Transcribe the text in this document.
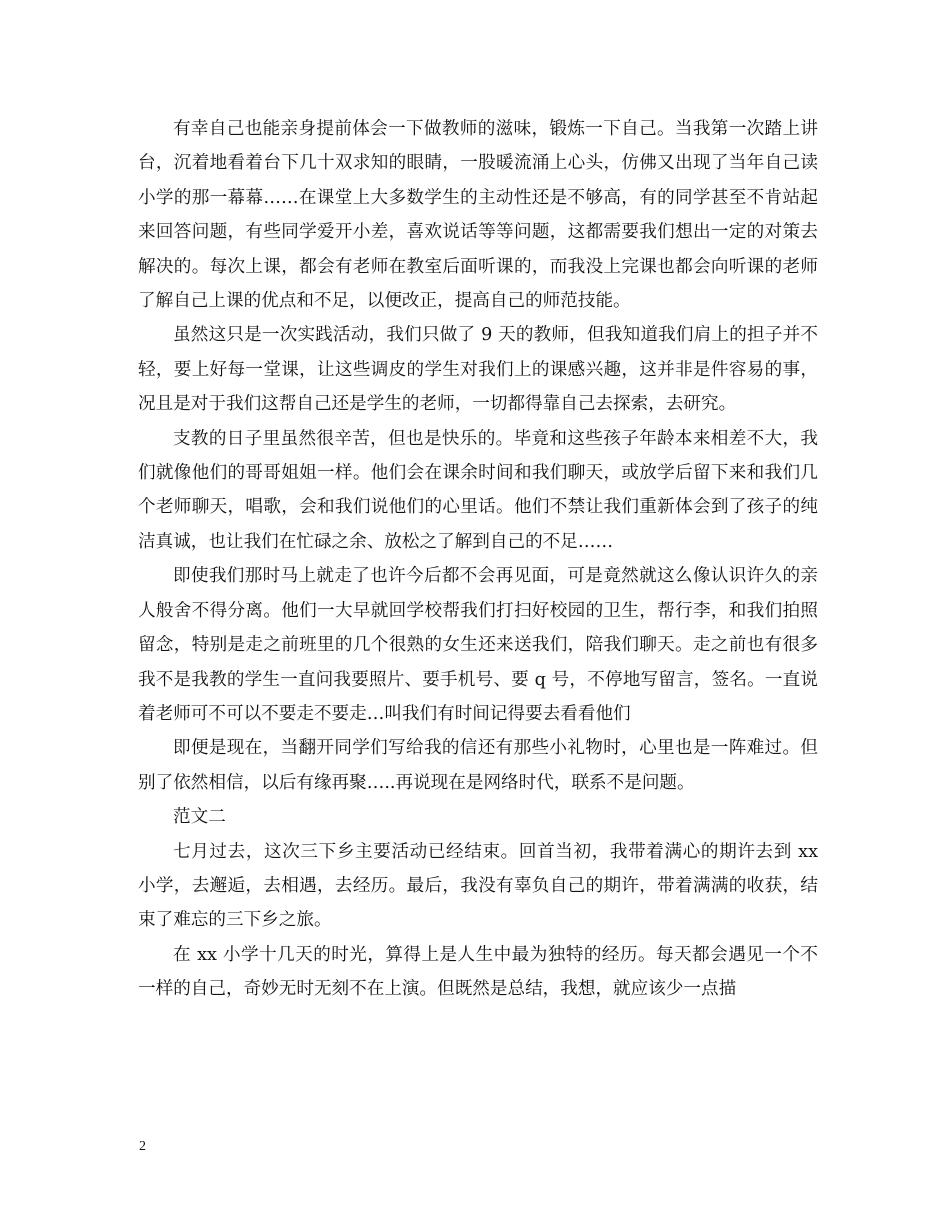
有幸自己也能亲身提前体会一下做教师的滋味，锻炼一下自己。当我第一次踏上讲台，沉着地看着台下几十双求知的眼睛，一股暖流涌上心头，仿佛又出现了当年自己读小学的那一幕幕……在课堂上大多数学生的主动性还是不够高，有的同学甚至不肯站起来回答问题，有些同学爱开小差，喜欢说话等等问题，这都需要我们想出一定的对策去解决的。每次上课，都会有老师在教室后面听课的，而我没上完课也都会向听课的老师了解自己上课的优点和不足，以便改正，提高自己的师范技能。

虽然这只是一次实践活动，我们只做了 9 天的教师，但我知道我们肩上的担子并不轻，要上好每一堂课，让这些调皮的学生对我们上的课感兴趣，这并非是件容易的事，况且是对于我们这帮自己还是学生的老师，一切都得靠自己去探索，去研究。

支教的日子里虽然很辛苦，但也是快乐的。毕竟和这些孩子年龄本来相差不大，我们就像他们的哥哥姐姐一样。他们会在课余时间和我们聊天，或放学后留下来和我们几个老师聊天，唱歌，会和我们说他们的心里话。他们不禁让我们重新体会到了孩子的纯洁真诚，也让我们在忙碌之余、放松之了解到自己的不足……

即使我们那时马上就走了也许今后都不会再见面，可是竟然就这么像认识许久的亲人般舍不得分离。他们一大早就回学校帮我们打扫好校园的卫生，帮行李，和我们拍照留念，特别是走之前班里的几个很熟的女生还来送我们，陪我们聊天。走之前也有很多我不是我教的学生一直问我要照片、要手机号、要 q 号，不停地写留言，签名。一直说着老师可不可以不要走不要走…叫我们有时间记得要去看看他们

即便是现在，当翻开同学们写给我的信还有那些小礼物时，心里也是一阵难过。但别了依然相信，以后有缘再聚…..再说现在是网络时代，联系不是问题。

范文二

七月过去，这次三下乡主要活动已经结束。回首当初，我带着满心的期许去到 xx 小学，去邂逅，去相遇，去经历。最后，我没有辜负自己的期许，带着满满的收获，结束了难忘的三下乡之旅。

在 xx 小学十几天的时光，算得上是人生中最为独特的经历。每天都会遇见一个不一样的自己，奇妙无时无刻不在上演。但既然是总结，我想，就应该少一点描

2
